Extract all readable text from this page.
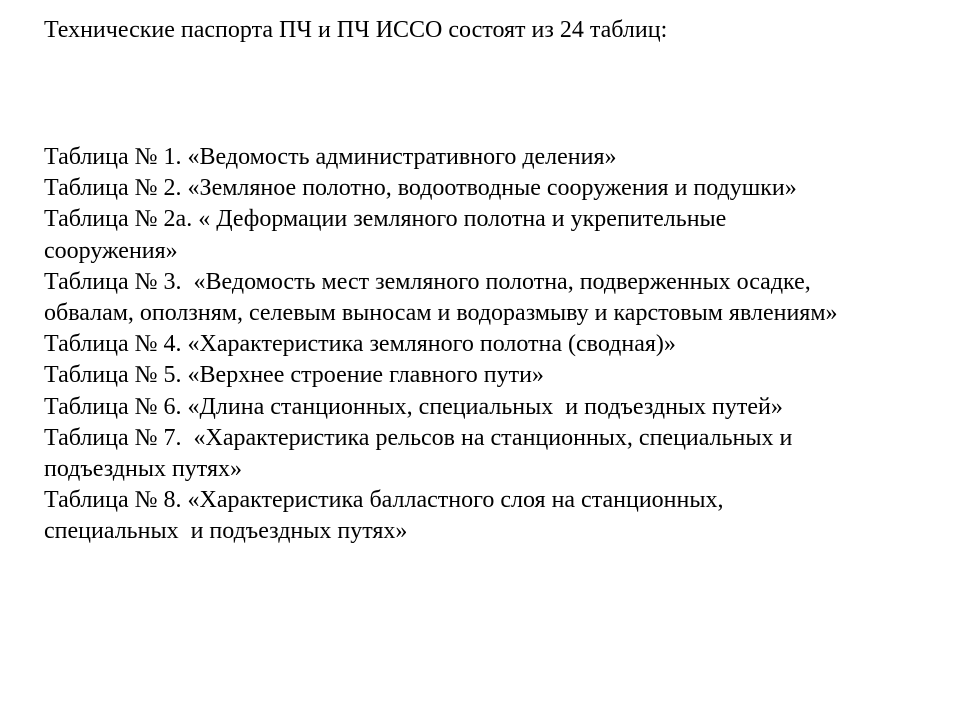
Технические паспорта ПЧ и ПЧ ИССО состоят из 24 таблиц:
Таблица № 1. «Ведомость административного деления»
Таблица № 2. «Земляное полотно, водоотводные сооружения и подушки»
Таблица № 2а. « Деформации земляного полотна и укрепительные
сооружения»
Таблица № 3.  «Ведомость мест земляного полотна, подверженных осадке,
обвалам, оползням, селевым выносам и водоразмыву и карстовым явлениям»
Таблица № 4. «Характеристика земляного полотна (сводная)»
Таблица № 5. «Верхнее строение главного пути»
Таблица № 6. «Длина станционных, специальных  и подъездных путей»
Таблица № 7.  «Характеристика рельсов на станционных, специальных и
подъездных путях»
Таблица № 8. «Характеристика балластного слоя на станционных,
специальных  и подъездных путях»
